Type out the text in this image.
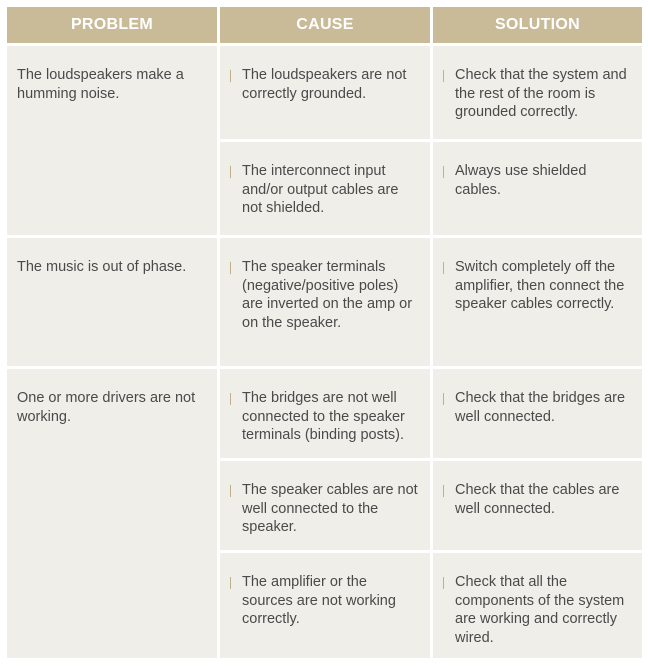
PROBLEM	CAUSE	SOLUTION

The loudspeakers make a humming noise.	The loudspeakers are not correctly grounded.	Check that the system and the rest of the room is grounded correctly.

	The interconnect input and/or output cables are not shielded.	Always use shielded cables.

The music is out of phase.	The speaker terminals (negative/positive poles) are inverted on the amp or on the speaker.	Switch completely off the amplifier, then connect the speaker cables correctly.

One or more drivers are not working.	The bridges are not well connected to the speaker terminals (binding posts).	Check that the bridges are well connected.

	The speaker cables are not well connected to the speaker.	Check that the cables are well connected.

	The amplifier or the sources are not working correctly.	Check that all the components of the system are working and correctly wired.
